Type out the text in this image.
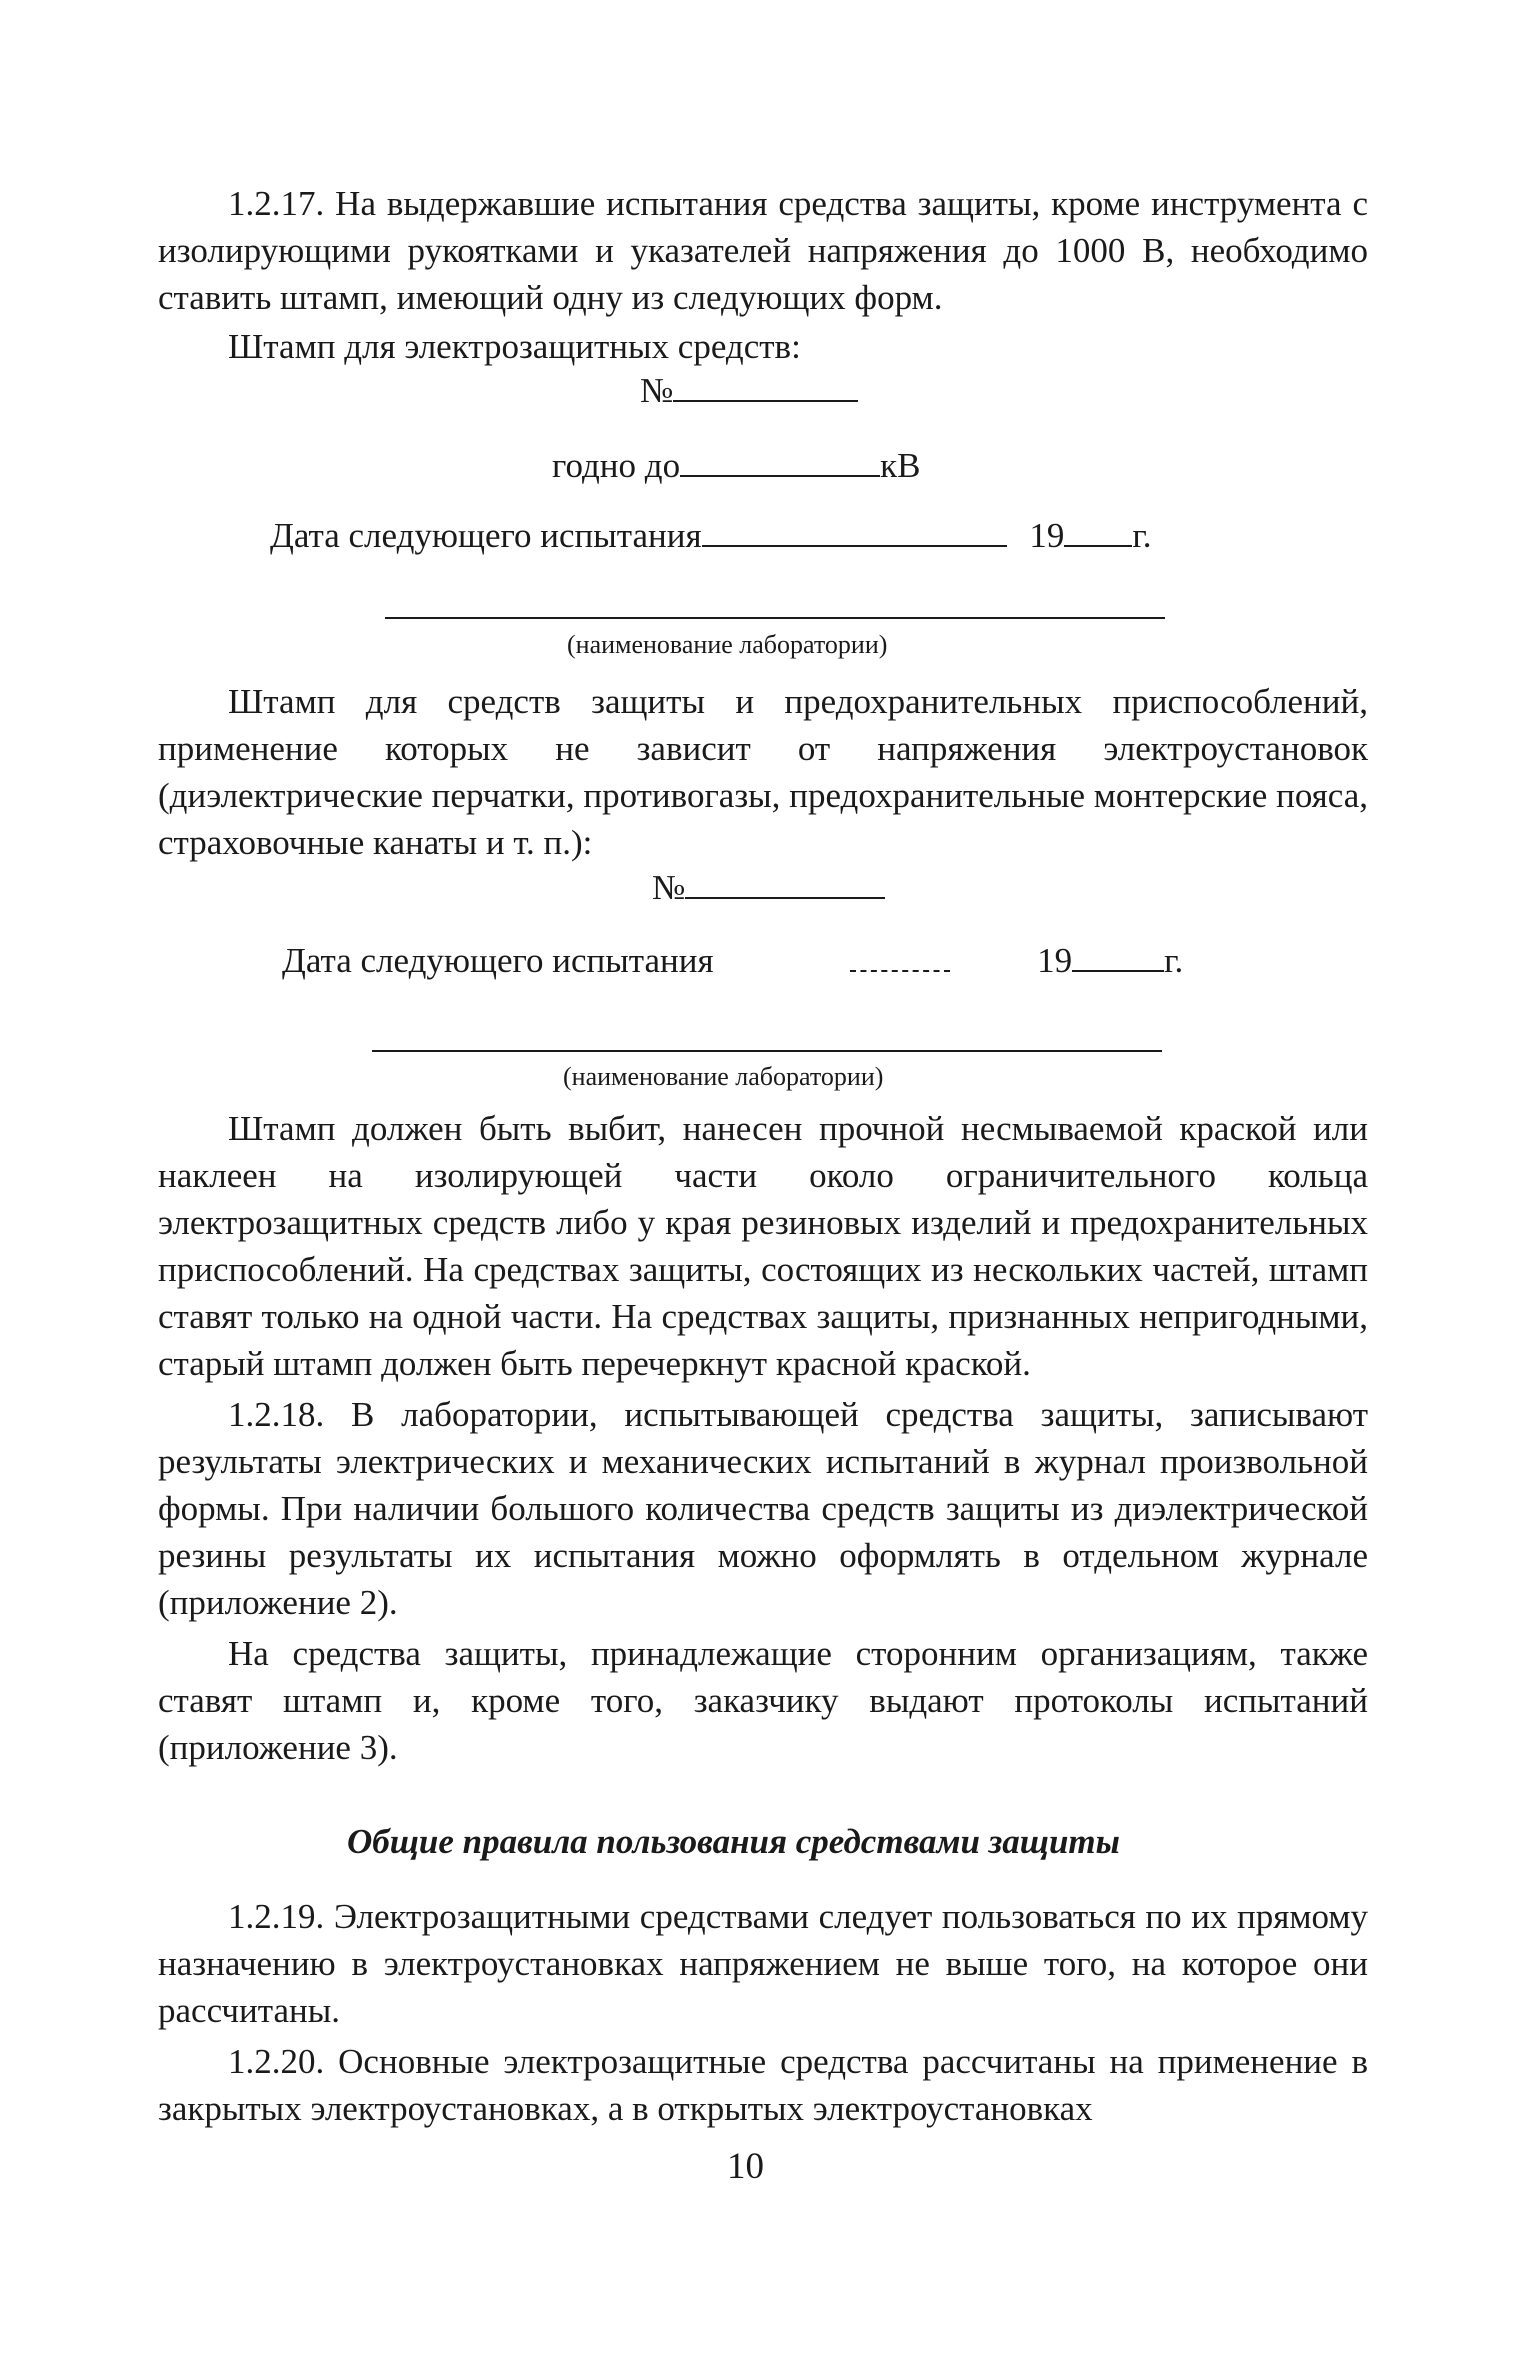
1.2.17. На выдержавшие испытания средства защиты, кроме инструмента с изолирующими рукоятками и указателей напряжения до 1000 В, необходимо ставить штамп, имеющий одну из следующих форм.

Штамп для электрозащитных средств:

№
годно до	кВ
Дата следующего испытания	19 г.
(наименование лаборатории)

Штамп для средств защиты и предохранительных приспособлений, применение которых не зависит от напряжения электроустановок (диэлектрические перчатки, противогазы, предохранительные монтерские пояса, страховочные канаты и т. п.):

№
Дата следующего испытания	19	г.
(наименование лаборатории)

Штамп должен быть выбит, нанесен прочной несмываемой краской или наклеен на изолирующей части около ограничительного кольца электрозащитных средств либо у края резиновых изделий и предохранительных приспособлений. На средствах защиты, состоящих из нескольких частей, штамп ставят только на одной части. На средствах защиты, признанных непригодными, старый штамп должен быть перечеркнут красной краской.

1.2.18. В лаборатории, испытывающей средства защиты, записывают результаты электрических и механических испытаний в журнал произвольной формы. При наличии большого количества средств защиты из диэлектрической резины результаты их испытания можно оформлять в отдельном журнале (приложение 2).

На средства защиты, принадлежащие сторонним организациям, также ставят штамп и, кроме того, заказчику выдают протоколы испытаний (приложение 3).

Общие правила пользования средствами защиты

1.2.19. Электрозащитными средствами следует пользоваться по их прямому назначению в электроустановках напряжением не выше того, на которое они рассчитаны.

1.2.20. Основные электрозащитные средства рассчитаны на применение в закрытых электроустановках, а в открытых электроустановках

10
